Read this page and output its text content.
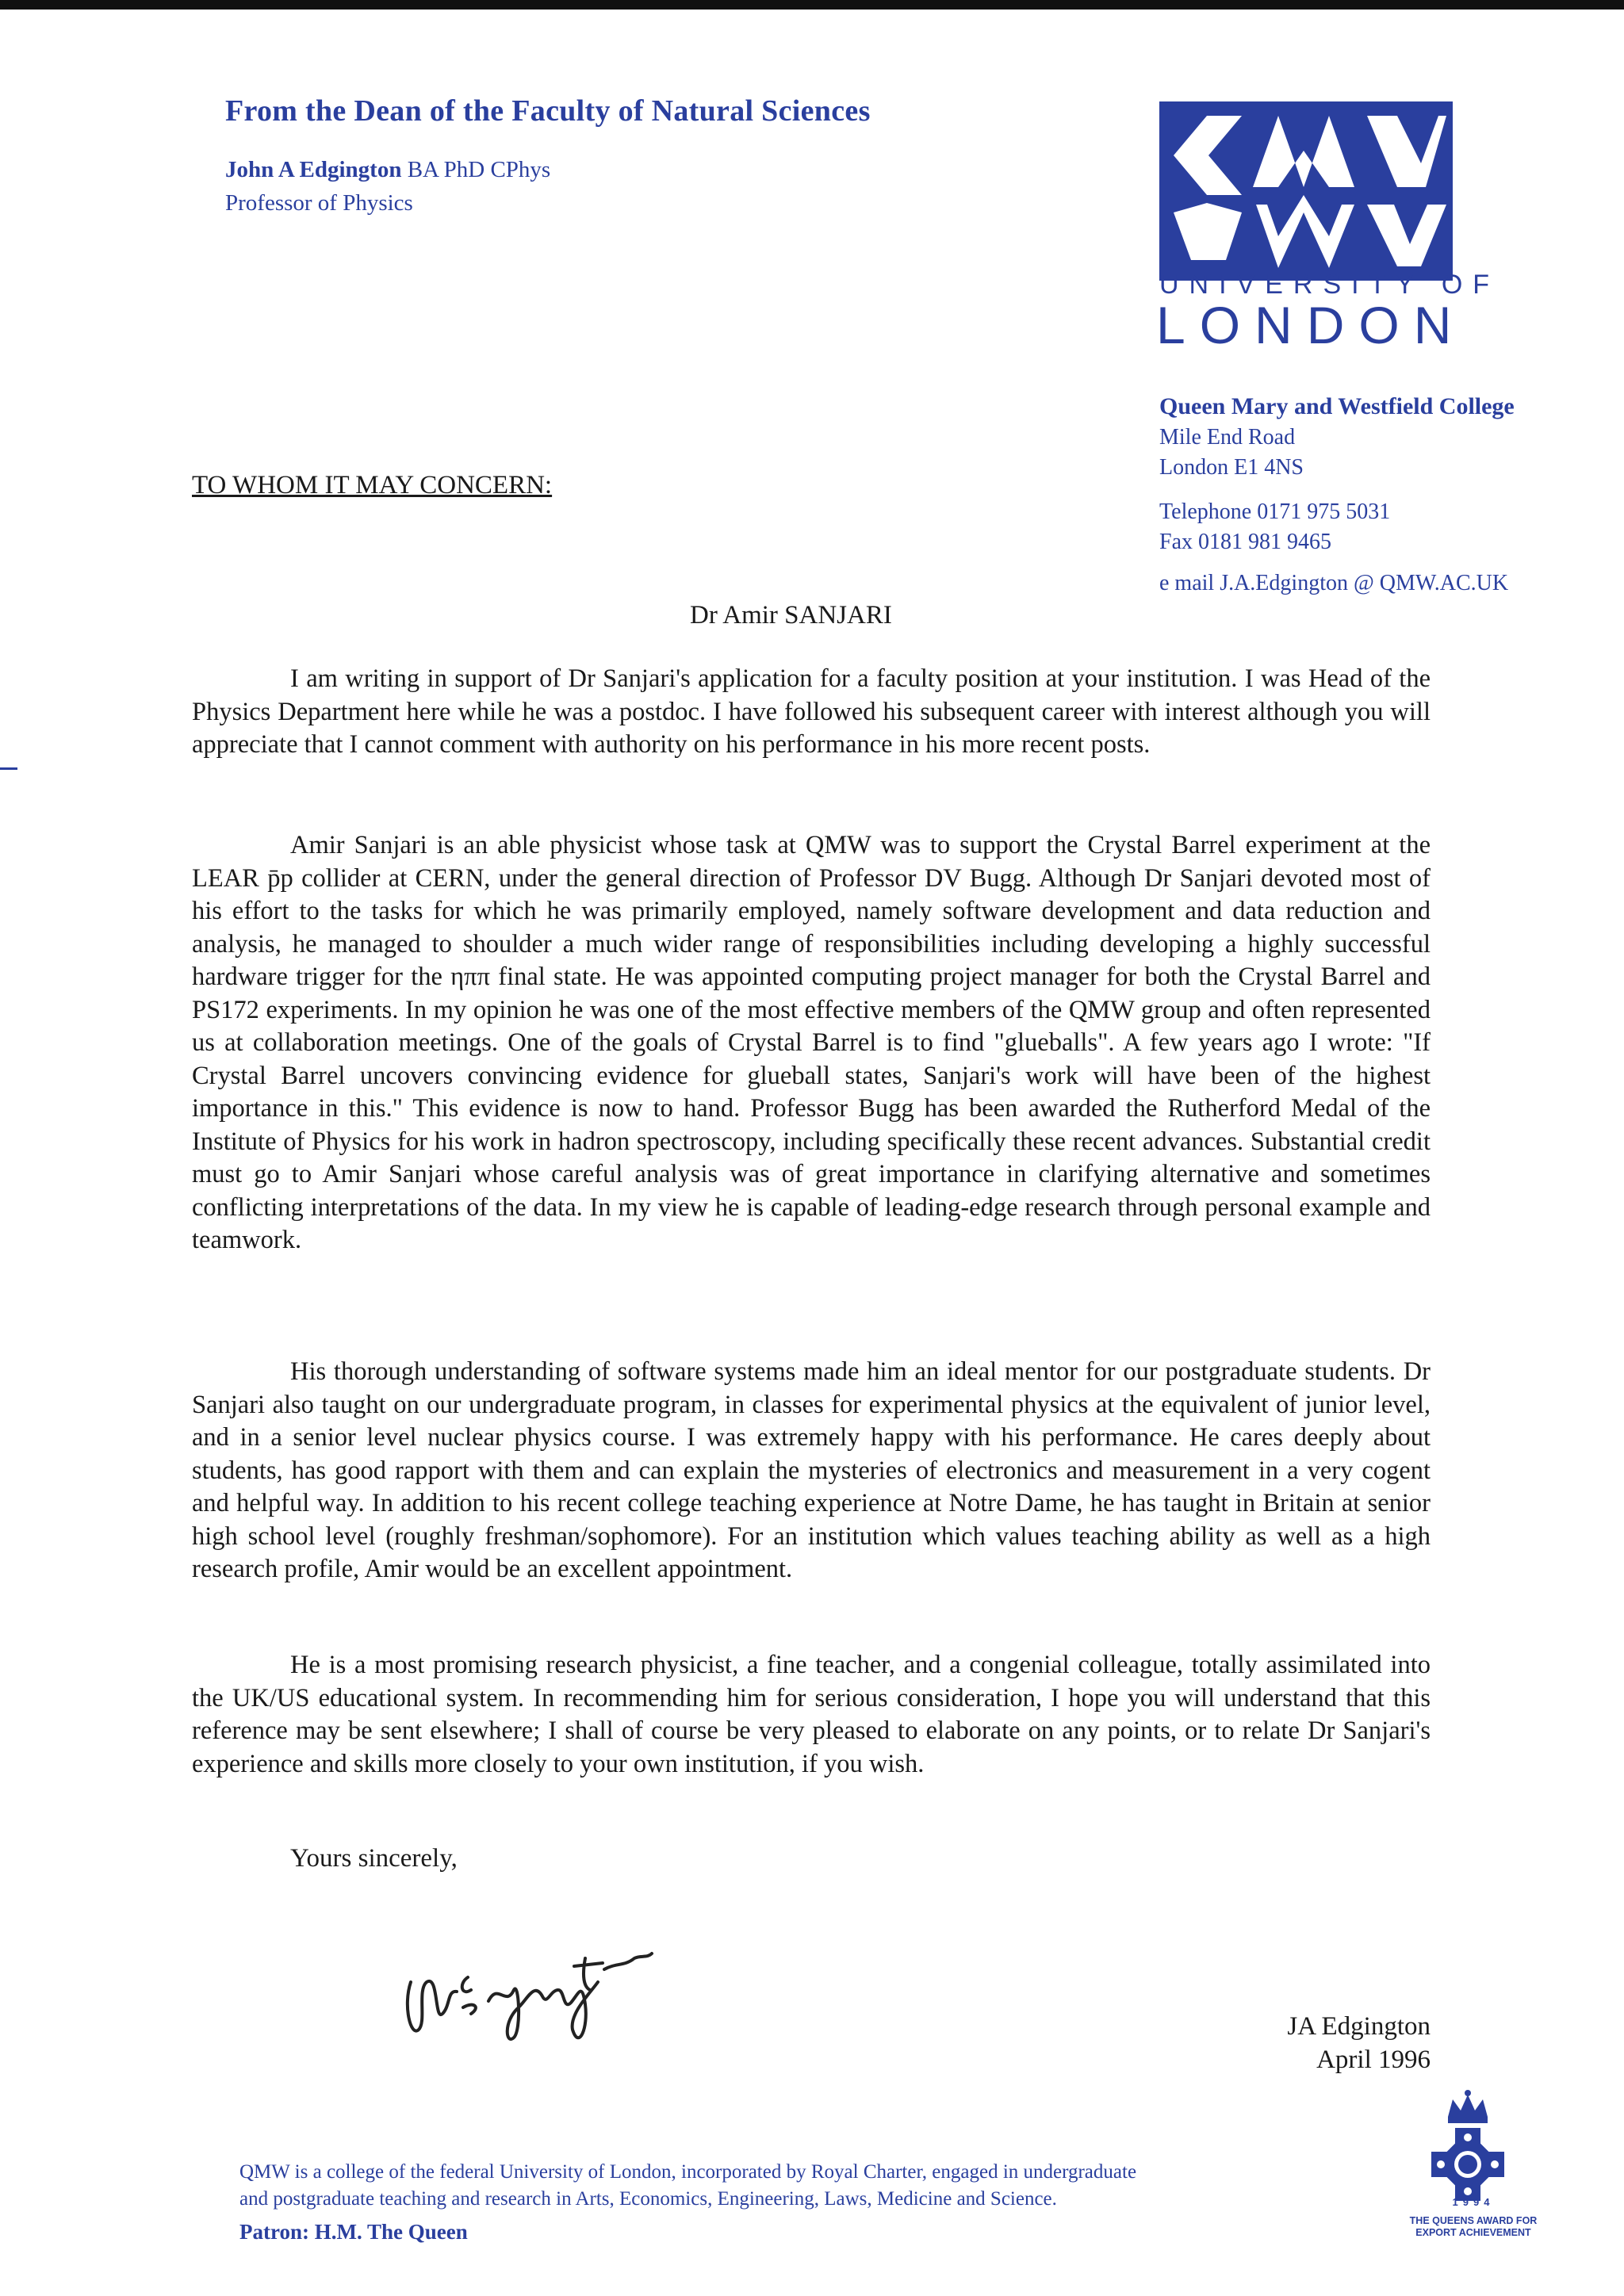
From the Dean of the Faculty of Natural Sciences
John A Edgington BA PhD CPhys
Professor of Physics
UNIVERSITY OF
LONDON
Queen Mary and Westfield College
Mile End Road
London E1 4NS
Telephone 0171 975 5031
Fax 0181 981 9465
e mail J.A.Edgington @ QMW.AC.UK
TO WHOM IT MAY CONCERN:
Dr Amir SANJARI

I am writing in support of Dr Sanjari's application for a faculty position at your institution. I was Head of the Physics Department here while he was a postdoc. I have followed his subsequent career with interest although you will appreciate that I cannot comment with authority on his performance in his more recent posts.

Amir Sanjari is an able physicist whose task at QMW was to support the Crystal Barrel experiment at the LEAR p̄p collider at CERN, under the general direction of Professor DV Bugg. Although Dr Sanjari devoted most of his effort to the tasks for which he was primarily employed, namely software development and data reduction and analysis, he managed to shoulder a much wider range of responsibilities including developing a highly successful hardware trigger for the ηππ final state. He was appointed computing project manager for both the Crystal Barrel and PS172 experiments. In my opinion he was one of the most effective members of the QMW group and often represented us at collaboration meetings. One of the goals of Crystal Barrel is to find "glueballs". A few years ago I wrote: "If Crystal Barrel uncovers convincing evidence for glueball states, Sanjari's work will have been of the highest importance in this." This evidence is now to hand. Professor Bugg has been awarded the Rutherford Medal of the Institute of Physics for his work in hadron spectroscopy, including specifically these recent advances. Substantial credit must go to Amir Sanjari whose careful analysis was of great importance in clarifying alternative and sometimes conflicting interpretations of the data. In my view he is capable of leading-edge research through personal example and teamwork.

His thorough understanding of software systems made him an ideal mentor for our postgraduate students. Dr Sanjari also taught on our undergraduate program, in classes for experimental physics at the equivalent of junior level, and in a senior level nuclear physics course. I was extremely happy with his performance. He cares deeply about students, has good rapport with them and can explain the mysteries of electronics and measurement in a very cogent and helpful way. In addition to his recent college teaching experience at Notre Dame, he has taught in Britain at senior high school level (roughly freshman/sophomore). For an institution which values teaching ability as well as a high research profile, Amir would be an excellent appointment.

He is a most promising research physicist, a fine teacher, and a congenial colleague, totally assimilated into the UK/US educational system. In recommending him for serious consideration, I hope you will understand that this reference may be sent elsewhere; I shall of course be very pleased to elaborate on any points, or to relate Dr Sanjari's experience and skills more closely to your own institution, if you wish.

Yours sincerely,
JA Edgington
April 1996
QMW is a college of the federal University of London, incorporated by Royal Charter, engaged in undergraduate
and postgraduate teaching and research in Arts, Economics, Engineering, Laws, Medicine and Science.
Patron: H.M. The Queen
1994
THE QUEENS AWARD FOR EXPORT ACHIEVEMENT
